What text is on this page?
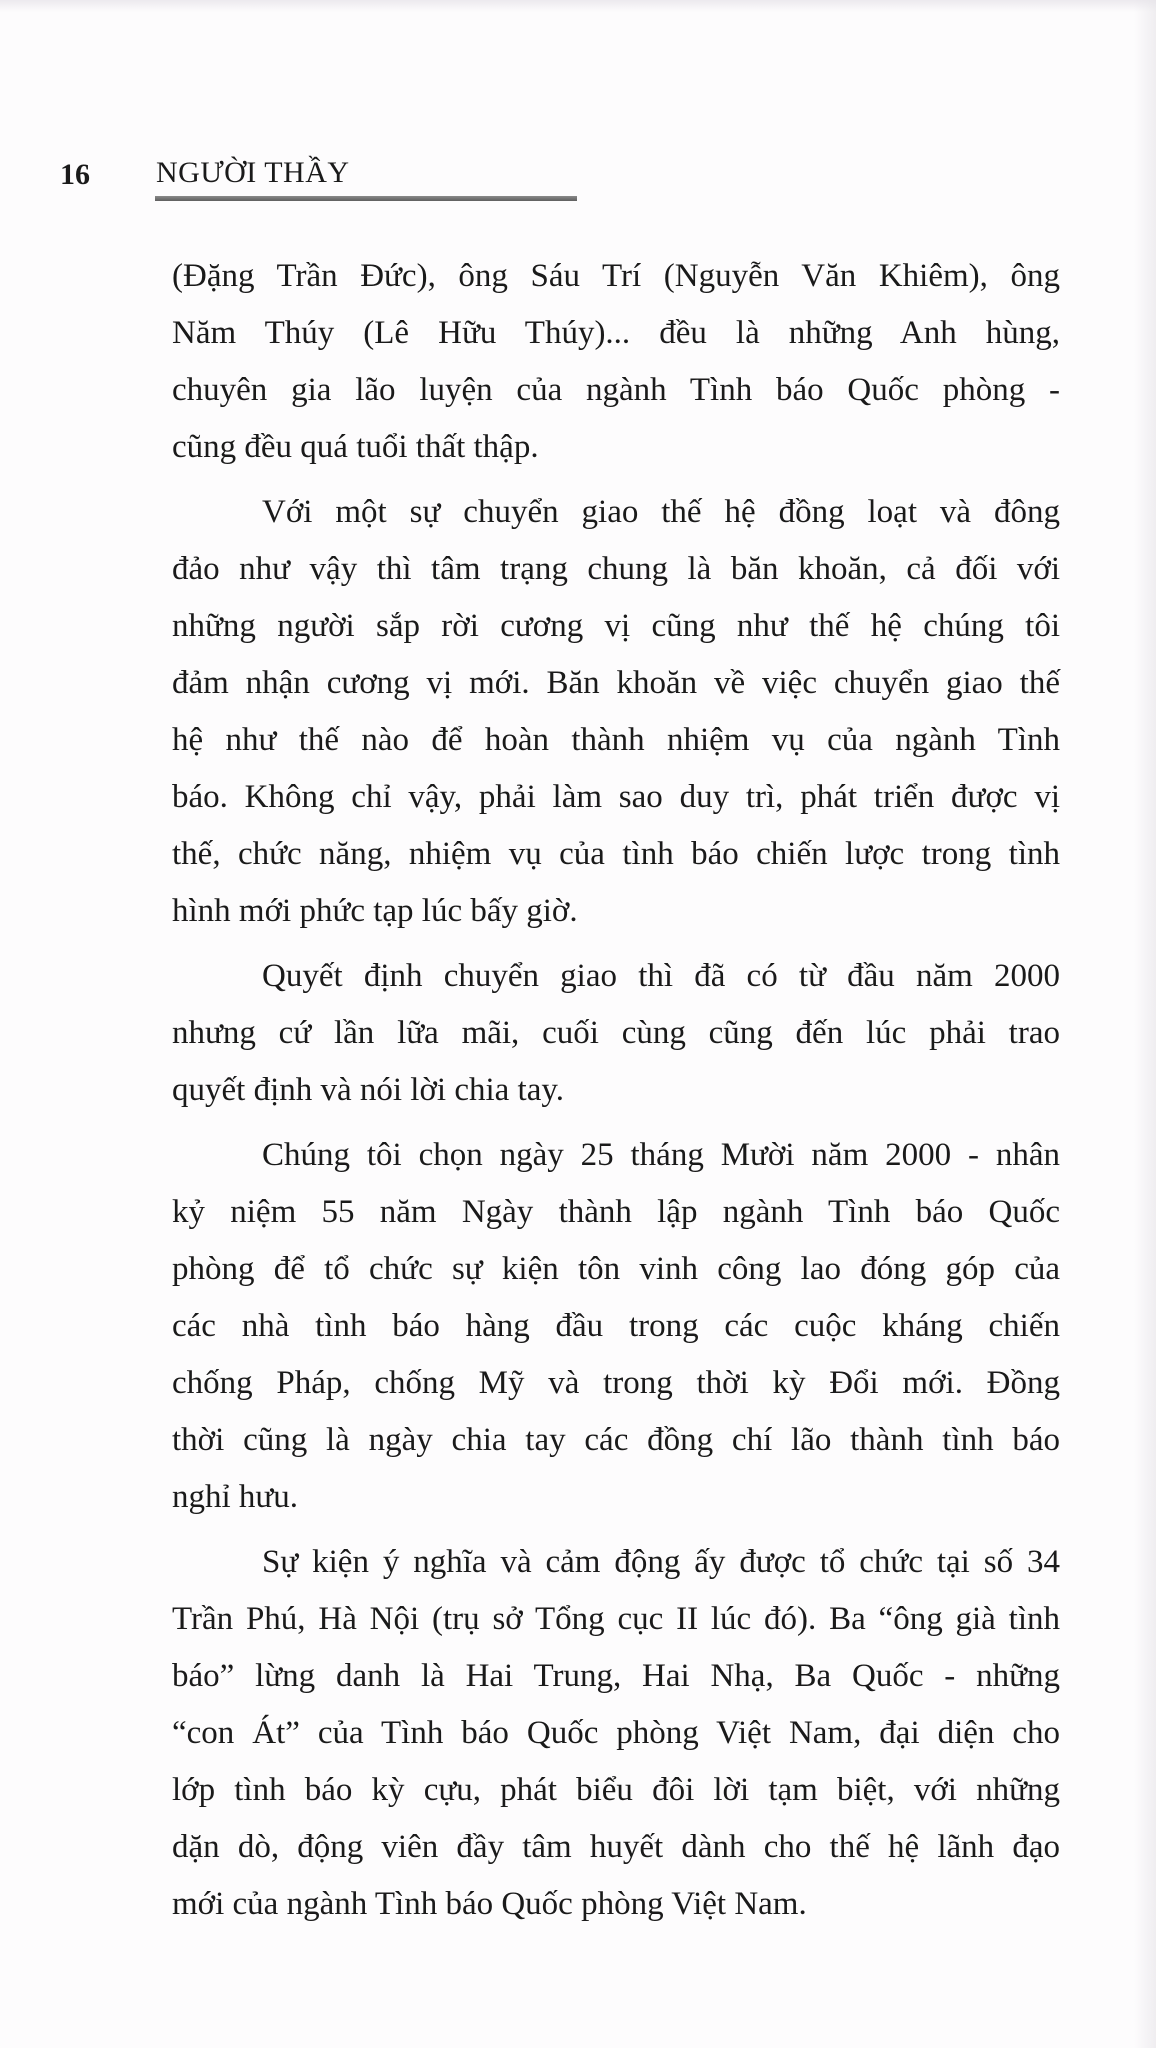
16 NGƯỜI THẦY
(Đặng Trần Đức), ông Sáu Trí (Nguyễn Văn Khiêm), ông
Năm Thúy (Lê Hữu Thúy)... đều là những Anh hùng,
chuyên gia lão luyện của ngành Tình báo Quốc phòng -
cũng đều quá tuổi thất thập.
Với một sự chuyển giao thế hệ đồng loạt và đông
đảo như vậy thì tâm trạng chung là băn khoăn, cả đối với
những người sắp rời cương vị cũng như thế hệ chúng tôi
đảm nhận cương vị mới. Băn khoăn về việc chuyển giao thế
hệ như thế nào để hoàn thành nhiệm vụ của ngành Tình
báo. Không chỉ vậy, phải làm sao duy trì, phát triển được vị
thế, chức năng, nhiệm vụ của tình báo chiến lược trong tình
hình mới phức tạp lúc bấy giờ.
Quyết định chuyển giao thì đã có từ đầu năm 2000
nhưng cứ lần lữa mãi, cuối cùng cũng đến lúc phải trao
quyết định và nói lời chia tay.
Chúng tôi chọn ngày 25 tháng Mười năm 2000 - nhân
kỷ niệm 55 năm Ngày thành lập ngành Tình báo Quốc
phòng để tổ chức sự kiện tôn vinh công lao đóng góp của
các nhà tình báo hàng đầu trong các cuộc kháng chiến
chống Pháp, chống Mỹ và trong thời kỳ Đổi mới. Đồng
thời cũng là ngày chia tay các đồng chí lão thành tình báo
nghỉ hưu.
Sự kiện ý nghĩa và cảm động ấy được tổ chức tại số 34
Trần Phú, Hà Nội (trụ sở Tổng cục II lúc đó). Ba “ông già tình
báo” lừng danh là Hai Trung, Hai Nhạ, Ba Quốc - những
“con Át” của Tình báo Quốc phòng Việt Nam, đại diện cho
lớp tình báo kỳ cựu, phát biểu đôi lời tạm biệt, với những
dặn dò, động viên đầy tâm huyết dành cho thế hệ lãnh đạo
mới của ngành Tình báo Quốc phòng Việt Nam.
